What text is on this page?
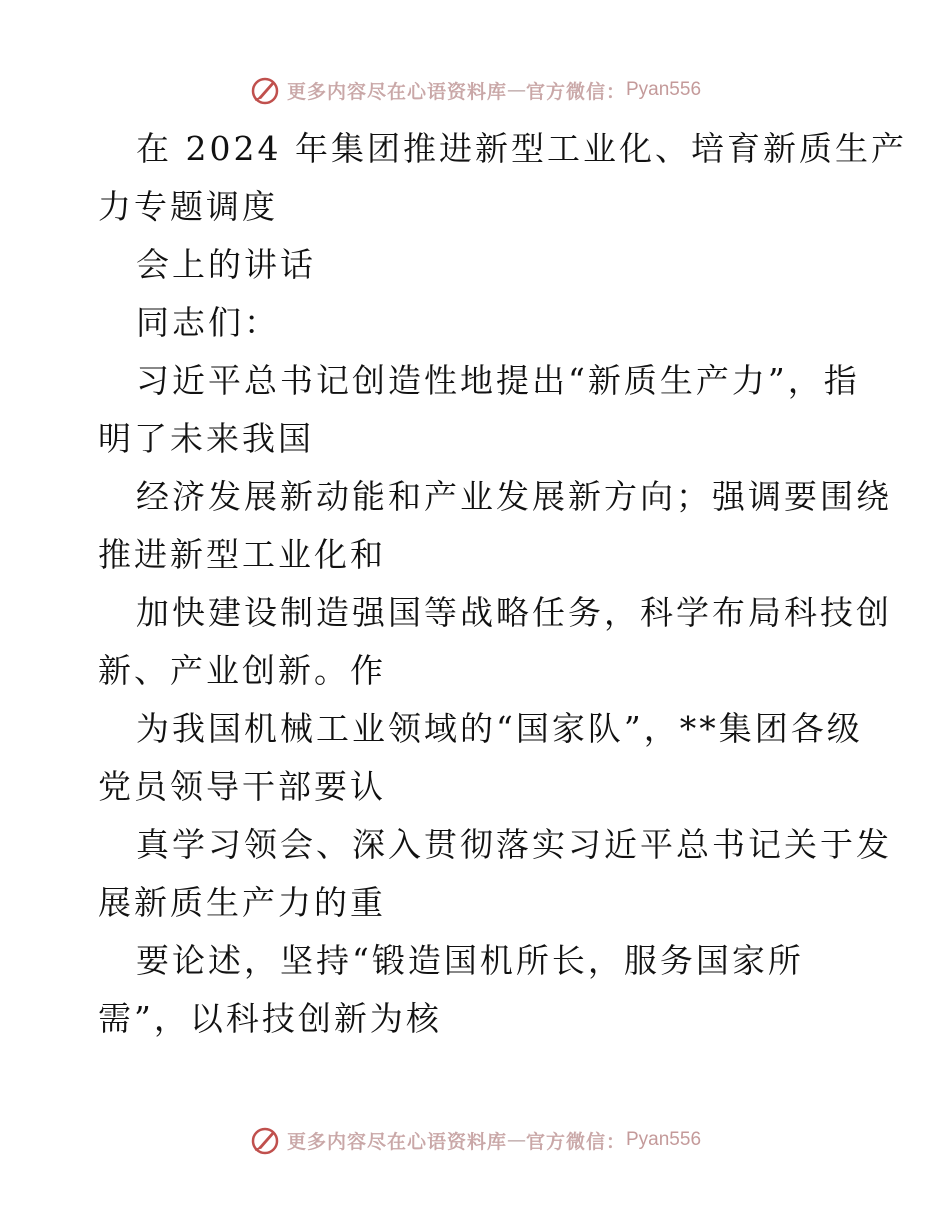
更多内容尽在心语资料库 — 官方微信： Pyan556
在 2024 年集团推进新型工业化、培育新质生产
力专题调度
会上的讲话
同志们：
习近平总书记创造性地提出“新质生产力”，指
明了未来我国
经济发展新动能和产业发展新方向；强调要围绕
推进新型工业化和
加快建设制造强国等战略任务，科学布局科技创
新、产业创新。作
为我国机械工业领域的“国家队”，**集团各级
党员领导干部要认
真学习领会、深入贯彻落实习近平总书记关于发
展新质生产力的重
要论述，坚持“锻造国机所长，服务国家所
需”，以科技创新为核
更多内容尽在心语资料库 — 官方微信： Pyan556
